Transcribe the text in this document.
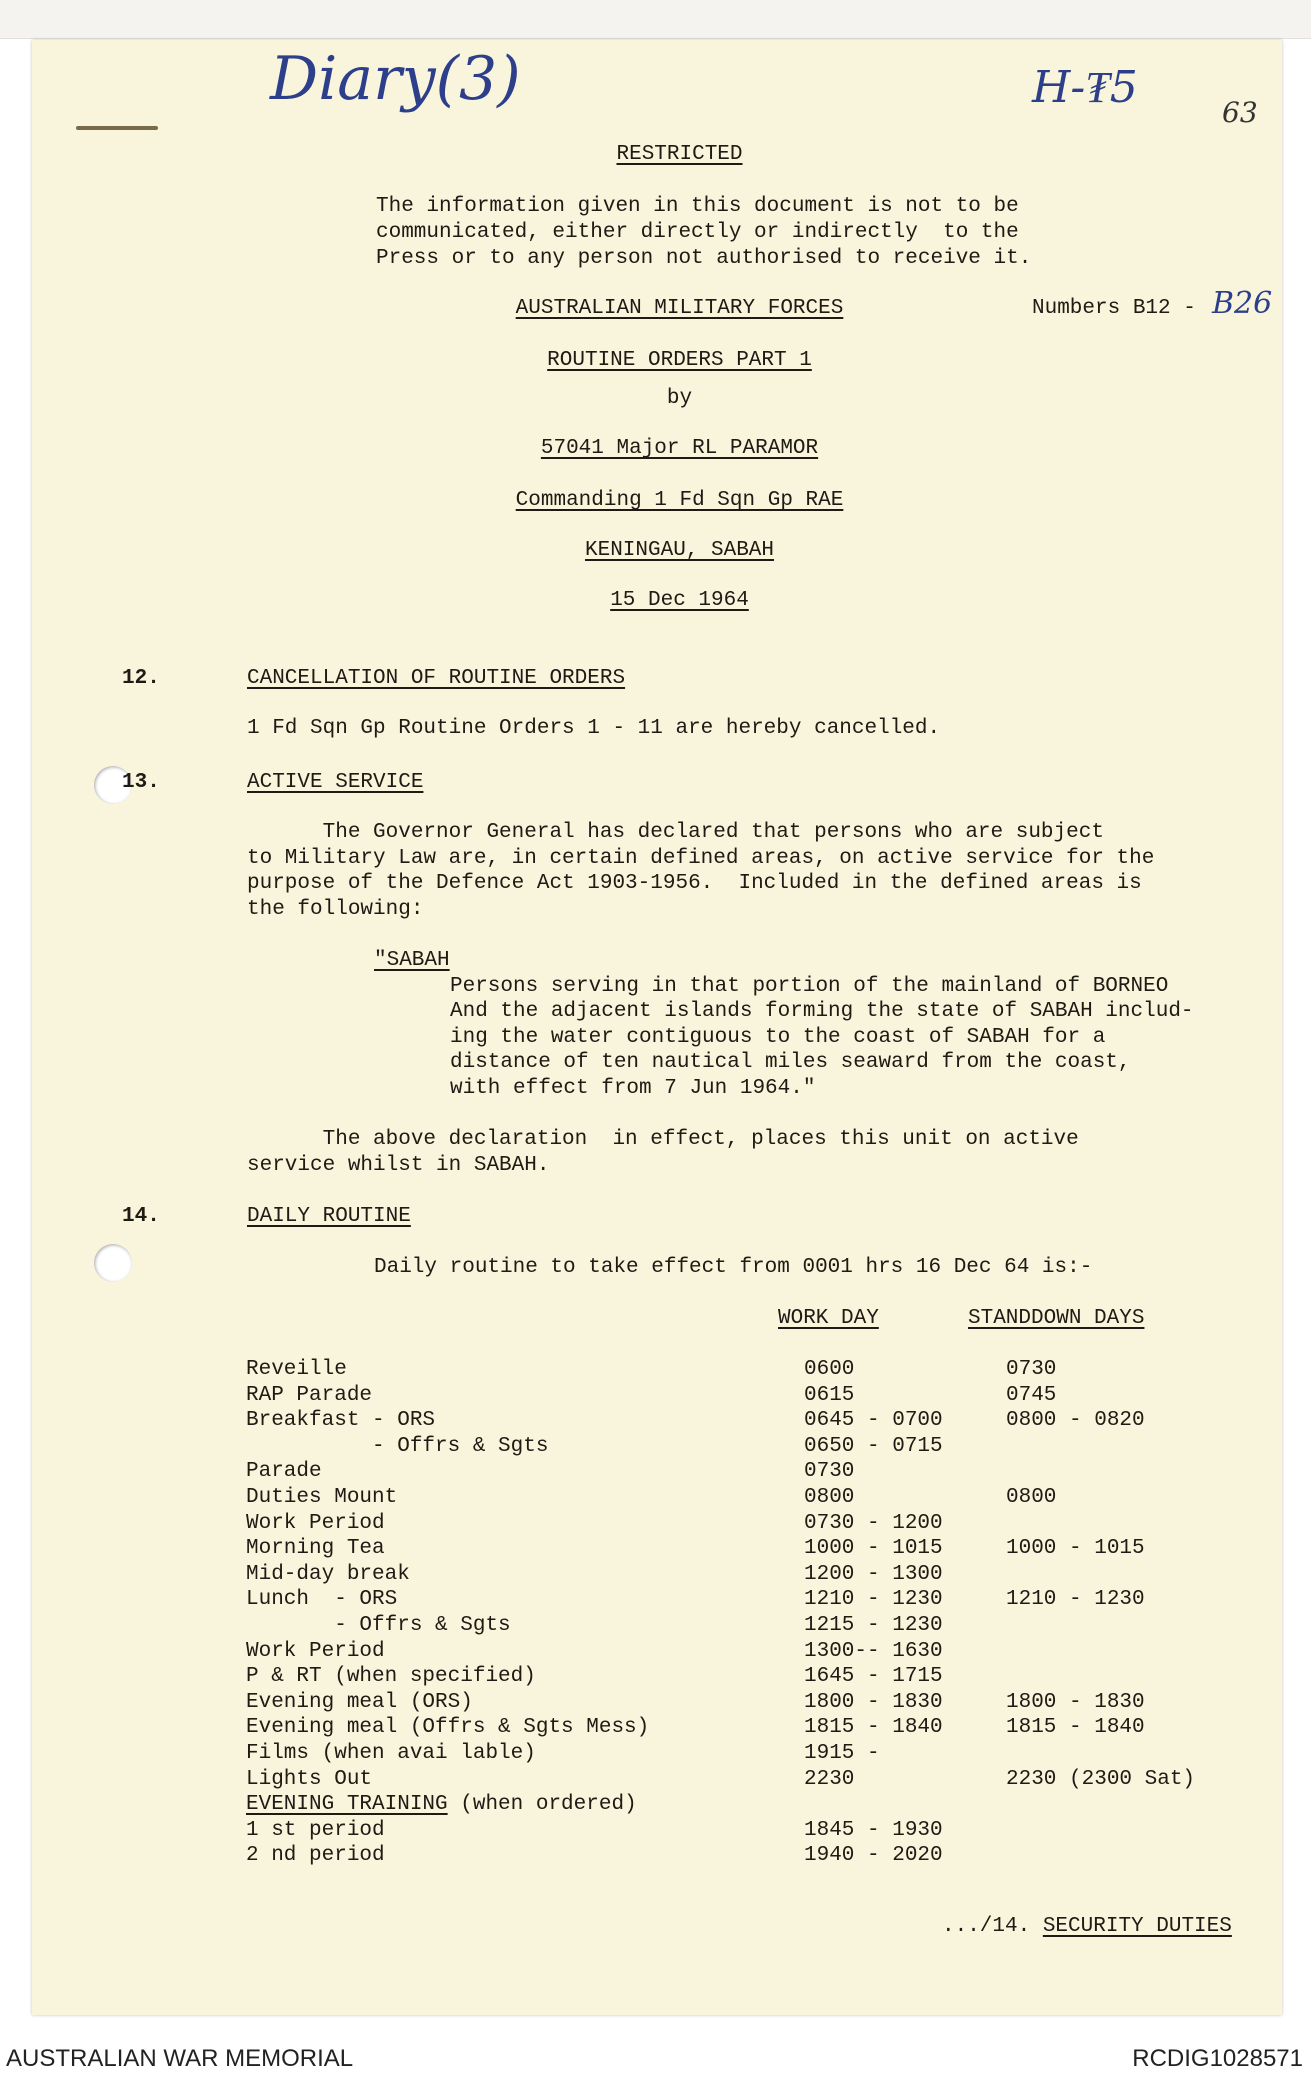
Diary(3)	H-₮5	63
RESTRICTED
The information given in this document is not to be
communicated, either directly or indirectly  to the
Press or to any person not authorised to receive it.
AUSTRALIAN MILITARY FORCES	Numbers B12 - B26
ROUTINE ORDERS PART 1
by
57041 Major RL PARAMOR
Commanding 1 Fd Sqn Gp RAE
KENINGAU, SABAH
15 Dec 1964
12.	CANCELLATION OF ROUTINE ORDERS
1 Fd Sqn Gp Routine Orders 1 - 11 are hereby cancelled.
13.	ACTIVE SERVICE
The Governor General has declared that persons who are subject
to Military Law are, in certain defined areas, on active service for the
purpose of the Defence Act 1903-1956.  Included in the defined areas is
the following:
"SABAH
Persons serving in that portion of the mainland of BORNEO
And the adjacent islands forming the state of SABAH includ-
ing the water contiguous to the coast of SABAH for a
distance of ten nautical miles seaward from the coast,
with effect from 7 Jun 1964."
The above declaration  in effect, places this unit on active
service whilst in SABAH.
14.	DAILY ROUTINE
Daily routine to take effect from 0001 hrs 16 Dec 64 is:-
WORK DAY	STANDDOWN DAYS
Reveille	0600	0730
RAP Parade	0615	0745
Breakfast - ORS	0645 - 0700	0800 - 0820
- Offrs & Sgts	0650 - 0715
Parade	0730
Duties Mount	0800	0800
Work Period	0730 - 1200
Morning Tea	1000 - 1015	1000 - 1015
Mid-day break	1200 - 1300
Lunch  - ORS	1210 - 1230	1210 - 1230
- Offrs & Sgts	1215 - 1230
Work Period	1300-- 1630
P & RT (when specified)	1645 - 1715
Evening meal (ORS)	1800 - 1830	1800 - 1830
Evening meal (Offrs & Sgts Mess)	1815 - 1840	1815 - 1840
Films (when avai lable)	1915 -
Lights Out	2230	2230 (2300 Sat)
EVENING TRAINING (when ordered)
1 st period	1845 - 1930
2 nd period	1940 - 2020
.../14. SECURITY DUTIES
AUSTRALIAN WAR MEMORIAL	RCDIG1028571
